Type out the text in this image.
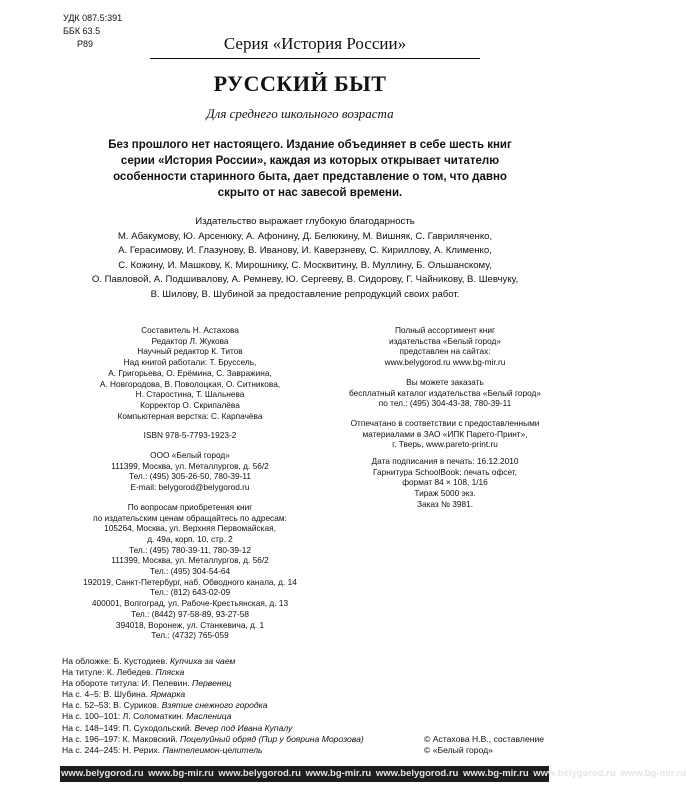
УДК 087.5:391
ББК 63.5
Р89	Серия «История России»
РУССКИЙ БЫТ
Для среднего школьного возраста
Без прошлого нет настоящего. Издание объединяет в себе шесть книг
серии «История России», каждая из которых открывает читателю
особенности старинного быта, дает представление о том, что давно
скрыто от нас завесой времени.
Издательство выражает глубокую благодарность
М. Абакумову, Ю. Арсенюку, А. Афонину, Д. Белюкину, М. Вишняк, С. Гавриляченко,
А. Герасимову, И. Глазунову, В. Иванову, И. Каверзневу, С. Кириллову, А. Клименко,
С. Кожину, И. Машкову, К. Мирошнику, С. Москвитину, В. Муллину, Б. Ольшанскому,
О. Павловой, А. Подшивалову, А. Ремневу, Ю. Сергееву, В. Сидорову, Г. Чайникову, В. Шевчуку,
В. Шилову, В. Шубиной за предоставление репродукций своих работ.
Составитель Н. Астахова
Редактор Л. Жукова
Научный редактор К. Титов
Над книгой работали: Т. Бруссель,
А. Григорьева, О. Ерёмина, С. Завражина,
А. Новгородова, В. Поволоцкая, О. Ситникова,
Н. Старостина, Т. Шальнева
Корректор О. Скрипалёва
Компьютерная верстка: С. Карпачёва
ISBN 978-5-7793-1923-2
ООО «Белый город»
111399, Москва, ул. Металлургов, д. 56/2
Тел.: (495) 305-26-50, 780-39-11
E-mail: belygorod@belygorod.ru
По вопросам приобретения книг
по издательским ценам обращайтесь по адресам:
105264, Москва, ул. Верхняя Первомайская,
д. 49а, корп. 10, стр. 2
Тел.: (495) 780-39-11, 780-39-12
111399, Москва, ул. Металлургов, д. 56/2
Тел.: (495) 304-54-64
192019, Санкт-Петербург, наб. Обводного канала, д. 14
Тел.: (812) 643-02-09
400001, Волгоград, ул. Рабоче-Крестьянская, д. 13
Тел.: (8442) 97-58-89, 93-27-58
394018, Воронеж, ул. Станкевича, д. 1
Тел.: (4732) 765-059
Полный ассортимент книг
издательства «Белый город»
представлен на сайтах:
www.belygorod.ru www.bg-mir.ru
Вы можете заказать
бесплатный каталог издательства «Белый город»
по тел.: (495) 304-43-38, 780-39-11
Отпечатано в соответствии с предоставленными
материалами в ЗАО «ИПК Парето-Принт»,
г. Тверь, www.pareto-print.ru
Дата подписания в печать: 16.12.2010
Гарнитура SchoolBook; печать офсет,
формат 84 × 108, 1/16
Тираж 5000 экз.
Заказ № 3981.
На обложке: Б. Кустодиев. Купчиха за чаем
На титуле: К. Лебедев. Пляска
На обороте титула: И. Пелевин. Первенец
На с. 4–5: В. Шубина. Ярмарка
На с. 52–53: В. Суриков. Взятие снежного городка
На с. 100–101: Л. Соломаткин. Масленица
На с. 148–149: П. Суходольский. Вечер под Ивана Купалу
На с. 196–197: К. Маковский. Поцелуйный обряд (Пир у боярина Морозова)
На с. 244–245: Н. Рерих. Пантелеимон-целитель
© Астахова Н.В., составление
© «Белый город»
www.belygorod.ru www.bg-mir.ru www.belygorod.ru www.bg-mir.ru www.belygorod.ru www.bg-mir.ru www.belygorod.ru www.bg-mir.ru
